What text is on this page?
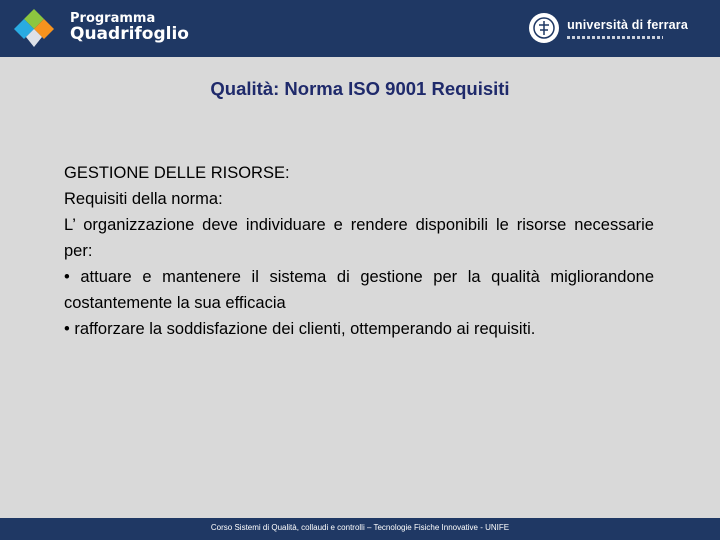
Programma
Quadrifoglio	università di ferrara
Qualità: Norma ISO 9001 Requisiti

GESTIONE DELLE RISORSE:

Requisiti della norma:

L’ organizzazione deve individuare e rendere disponibili le risorse necessarie per:

• attuare e mantenere il sistema di gestione per la qualità migliorandone costantemente la sua efficacia

• rafforzare la soddisfazione dei clienti, ottemperando ai requisiti.

Corso Sistemi di Qualità, collaudi e controlli – Tecnologie Fisiche Innovative - UNIFE
